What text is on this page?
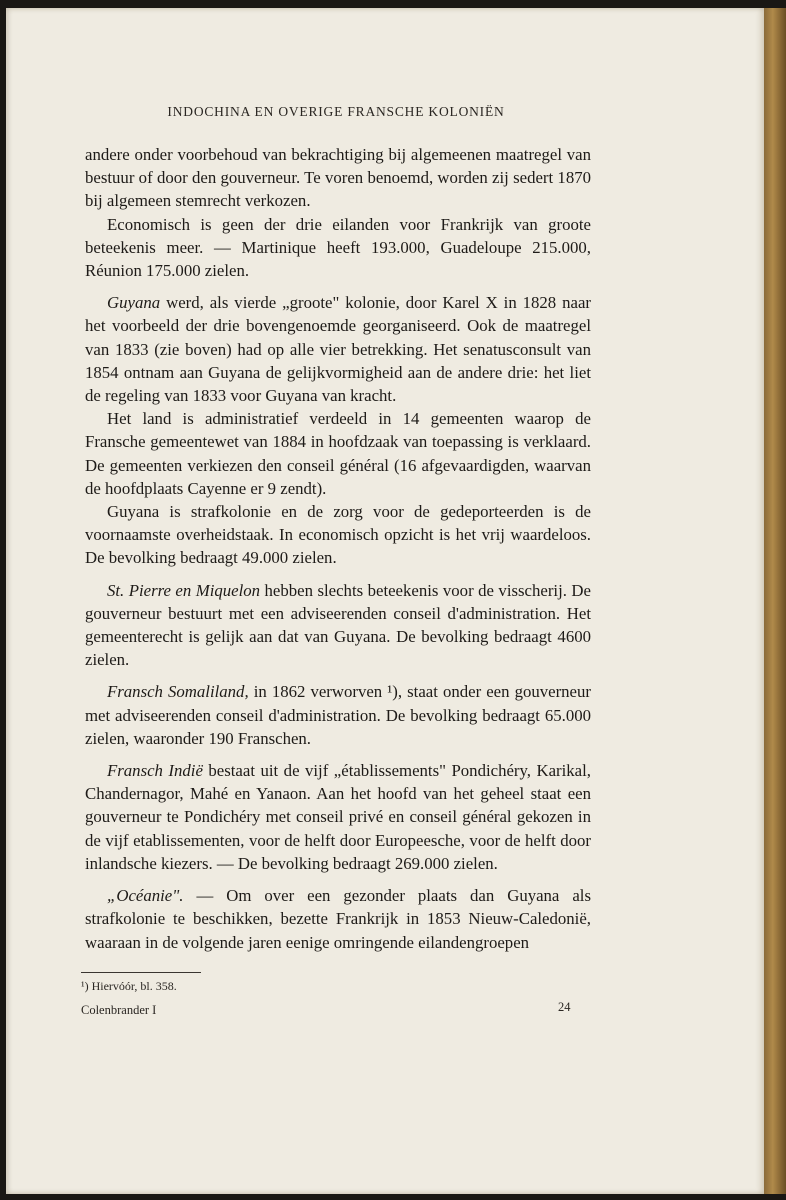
INDOCHINA EN OVERIGE FRANSCHE KOLONIËN

andere onder voorbehoud van bekrachtiging bij algemeenen maatregel van bestuur of door den gouverneur. Te voren benoemd, worden zij sedert 1870 bij algemeen stemrecht verkozen.

Economisch is geen der drie eilanden voor Frankrijk van groote beteekenis meer. — Martinique heeft 193.000, Guadeloupe 215.000, Réunion 175.000 zielen.

Guyana werd, als vierde „groote" kolonie, door Karel X in 1828 naar het voorbeeld der drie bovengenoemde georganiseerd. Ook de maatregel van 1833 (zie boven) had op alle vier betrekking. Het senatusconsult van 1854 ontnam aan Guyana de gelijkvormigheid aan de andere drie: het liet de regeling van 1833 voor Guyana van kracht.

Het land is administratief verdeeld in 14 gemeenten waarop de Fransche gemeentewet van 1884 in hoofdzaak van toepassing is verklaard. De gemeenten verkiezen den conseil général (16 afgevaardigden, waarvan de hoofdplaats Cayenne er 9 zendt).

Guyana is strafkolonie en de zorg voor de gedeporteerden is de voornaamste overheidstaak. In economisch opzicht is het vrij waardeloos. De bevolking bedraagt 49.000 zielen.

St. Pierre en Miquelon hebben slechts beteekenis voor de visscherij. De gouverneur bestuurt met een adviseerenden conseil d'administration. Het gemeenterecht is gelijk aan dat van Guyana. De bevolking bedraagt 4600 zielen.

Fransch Somaliland, in 1862 verworven ¹), staat onder een gouverneur met adviseerenden conseil d'administration. De bevolking bedraagt 65.000 zielen, waaronder 190 Franschen.

Fransch Indië bestaat uit de vijf „établissements" Pondichéry, Karikal, Chandernagor, Mahé en Yanaon. Aan het hoofd van het geheel staat een gouverneur te Pondichéry met conseil privé en conseil général gekozen in de vijf etablissementen, voor de helft door Europeesche, voor de helft door inlandsche kiezers. — De bevolking bedraagt 269.000 zielen.

„Océanie". — Om over een gezonder plaats dan Guyana als strafkolonie te beschikken, bezette Frankrijk in 1853 Nieuw-Caledonië, waaraan in de volgende jaren eenige omringende eilandengroepen

¹) Hiervóór, bl. 358.
Colenbrander I	24
